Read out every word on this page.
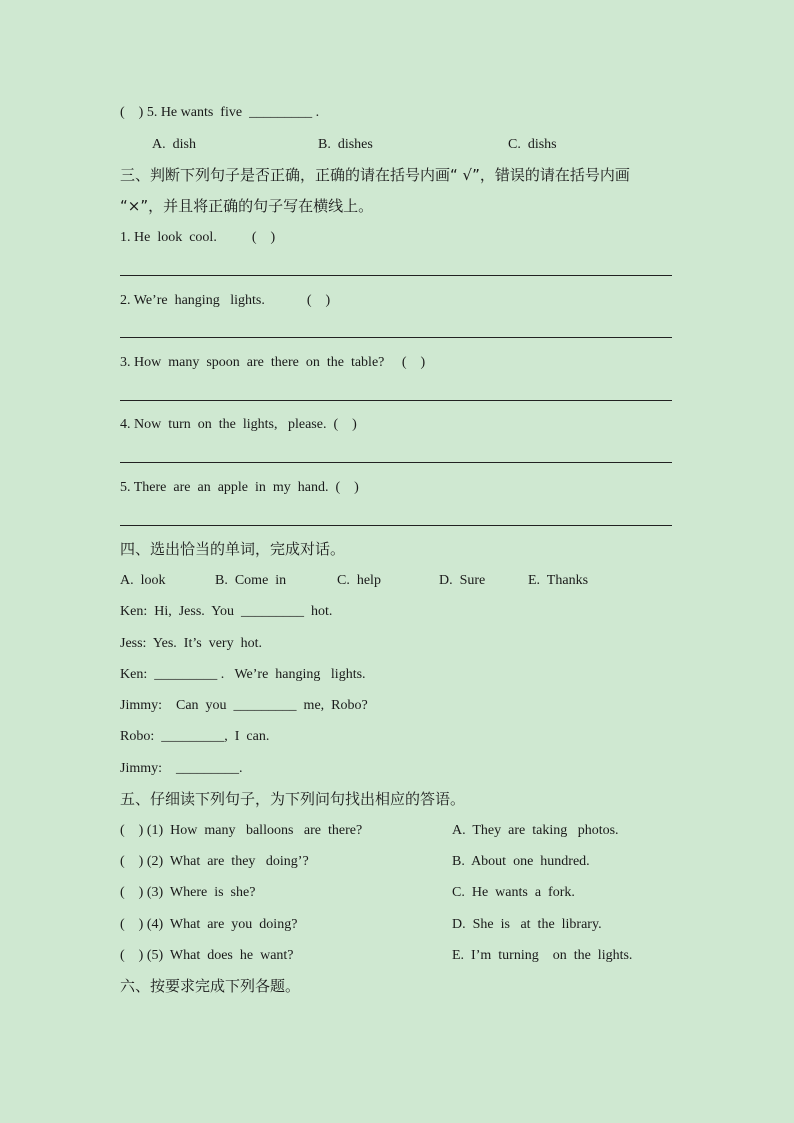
(    ) 5. He wants  five  _________ .
A.  dish	B.  dishes	C.  dishs
三、判断下列句子是否正确，正确的请在括号内画“ √”，错误的请在括号内画
“×”，并且将正确的句子写在横线上。
1. He  look  cool.          (    )
2. We’re  hanging   lights.            (    )
3. How  many  spoon  are  there  on  the  table?     (    )
4. Now  turn  on  the  lights,   please.  (    )
5. There  are  an  apple  in  my  hand.  (    )
四、选出恰当的单词，完成对话。
A.  look	B.  Come  in	C.  help	D.  Sure	E.  Thanks
Ken:  Hi,  Jess.  You  _________  hot.
Jess:  Yes.  It’s  very  hot.
Ken:  _________ .   We’re  hanging   lights.
Jimmy:    Can  you  _________  me,  Robo?
Robo:  _________,  I  can.
Jimmy:    _________.
五、仔细读下列句子，为下列问句找出相应的答语。
(    ) (1)  How  many   balloons   are  there?	A.  They  are  taking   photos.
(    ) (2)  What  are  they   doing’?	B.  About  one  hundred.
(    ) (3)  Where  is  she?	C.  He  wants  a  fork.
(    ) (4)  What  are  you  doing?	D.  She  is   at  the  library.
(    ) (5)  What  does  he  want?	E.  I’m  turning    on  the  lights.
六、按要求完成下列各题。
